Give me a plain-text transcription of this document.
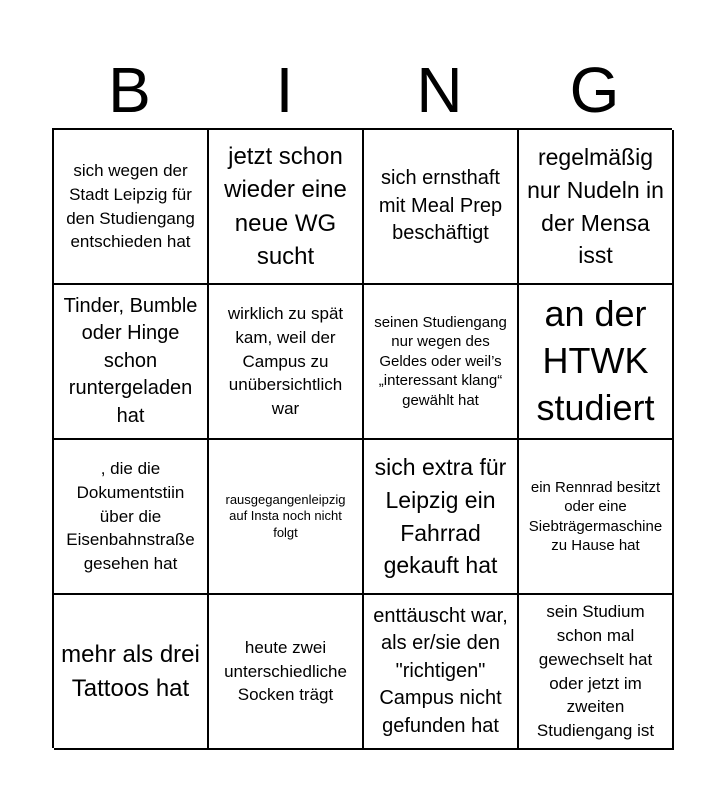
B	I	N	G
sich wegen der Stadt Leipzig für den Studiengang entschieden hat
jetzt schon wieder eine neue WG sucht
sich ernsthaft mit Meal Prep beschäftigt
regelmäßig nur Nudeln in der Mensa isst
Tinder, Bumble oder Hinge schon runtergeladen hat
wirklich zu spät kam, weil der Campus zu unübersichtlich war
seinen Studiengang nur wegen des Geldes oder weil’s „interessant klang“ gewählt hat
an der HTWK studiert
, die die Dokumentstiin über die Eisenbahnstraße gesehen hat
rausgegangenleipzig auf Insta noch nicht folgt
sich extra für Leipzig ein Fahrrad gekauft hat
ein Rennrad besitzt oder eine Siebträgermaschine zu Hause hat
mehr als drei Tattoos hat
heute zwei unterschiedliche Socken trägt
enttäuscht war, als er/sie den "richtigen" Campus nicht gefunden hat
sein Studium schon mal gewechselt hat oder jetzt im zweiten Studiengang ist
